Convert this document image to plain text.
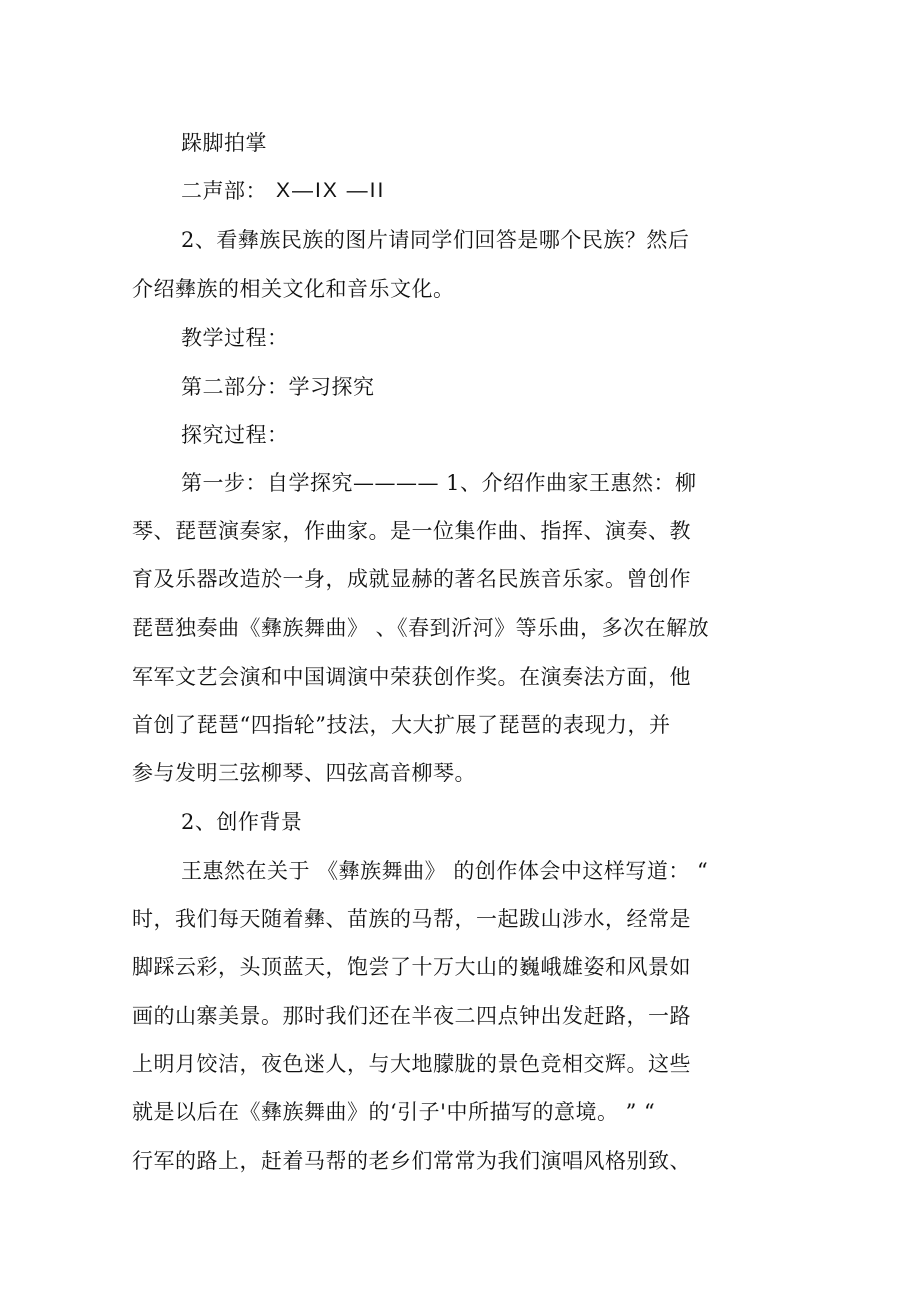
跺脚拍掌
二声部： X—IX —II
2、看彝族民族的图片请同学们回答是哪个民族？然后
介绍彝族的相关文化和音乐文化。
教学过程：
第二部分：学习探究
探究过程：
第一步：自学探究———— 1、介绍作曲家王惠然：柳
琴、琵琶演奏家，作曲家。是一位集作曲、指挥、演奏、教
育及乐器改造於一身，成就显赫的著名民族音乐家。曾创作
琵琶独奏曲《彝族舞曲》 、《春到沂河》等乐曲，多次在解放
军军文艺会演和中国调演中荣获创作奖。在演奏法方面，他
首创了琵琶“四指轮”技法，大大扩展了琵琶的表现力，并
参与发明三弦柳琴、四弦高音柳琴。
2、创作背景
王惠然在关于 《彝族舞曲》 的创作体会中这样写道： “
时，我们每天随着彝、苗族的马帮，一起跋山涉水，经常是
脚踩云彩，头顶蓝天，饱尝了十万大山的巍峨雄姿和风景如
画的山寨美景。那时我们还在半夜二四点钟出发赶路，一路
上明月饺洁，夜色迷人，与大地朦胧的景色竞相交辉。这些
就是以后在《彝族舞曲》的‘引子'中所描写的意境。 ” “
行军的路上，赶着马帮的老乡们常常为我们演唱风格别致、
